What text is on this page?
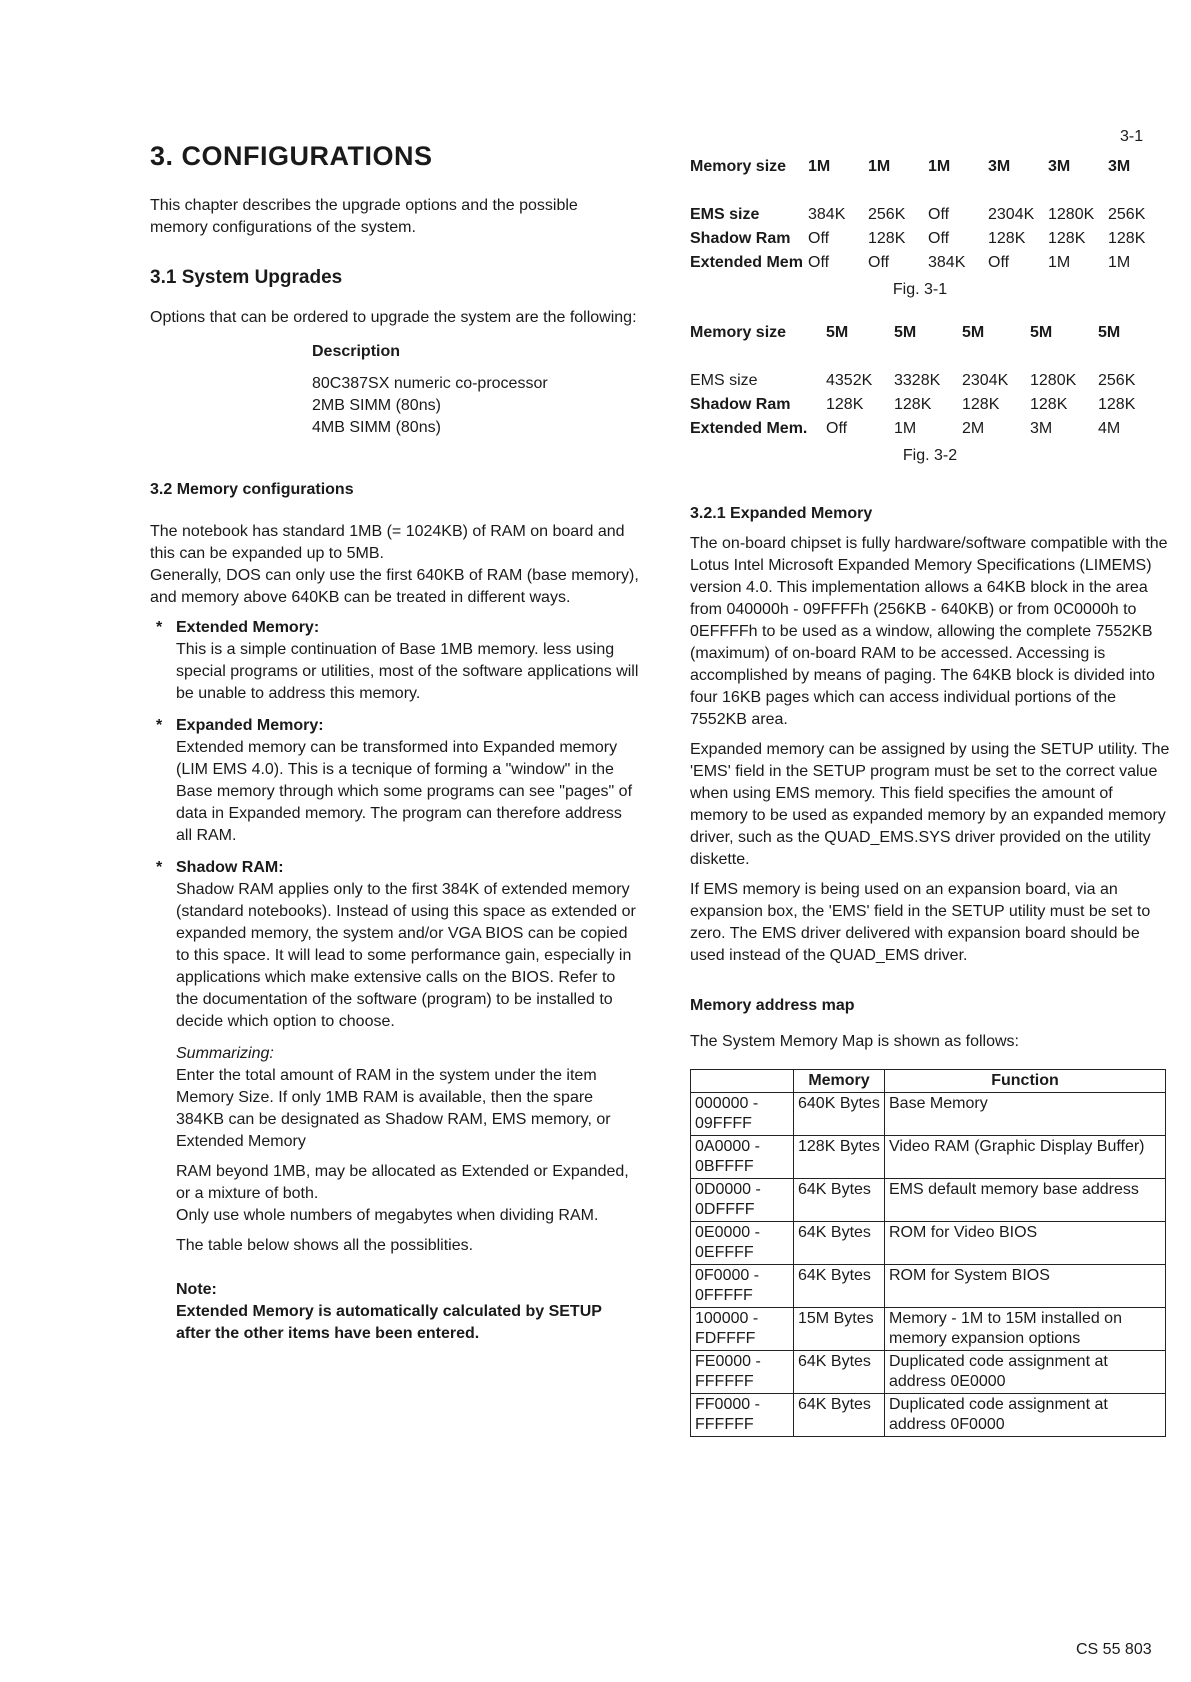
3-1
3. CONFIGURATIONS

This chapter describes the upgrade options and the possible memory configurations of the system.

3.1 System Upgrades

Options that can be ordered to upgrade the system are the following:

Description
80C387SX numeric co-processor
2MB SIMM (80ns)
4MB SIMM (80ns)
3.2 Memory configurations

The notebook has standard 1MB (= 1024KB) of RAM on board and this can be expanded up to 5MB.

Generally, DOS can only use the first 640KB of RAM (base memory), and memory above 640KB can be treated in different ways.

* Extended Memory:
This is a simple continuation of Base 1MB memory. less using special programs or utilities, most of the software applications will be unable to address this memory.
* Expanded Memory:
Extended memory can be transformed into Expanded memory (LIM EMS 4.0). This is a tecnique of forming a "window" in the Base memory through which some programs can see "pages" of data in Expanded memory. The program can therefore address all RAM.
* Shadow RAM:
Shadow RAM applies only to the first 384K of extended memory (standard notebooks). Instead of using this space as extended or expanded memory, the system and/or VGA BIOS can be copied to this space. It will lead to some performance gain, especially in applications which make extensive calls on the BIOS. Refer to the documentation of the software (program) to be installed to decide which option to choose.
Summarizing:

Enter the total amount of RAM in the system under the item Memory Size. If only 1MB RAM is available, then the spare 384KB can be designated as Shadow RAM, EMS memory, or Extended Memory

RAM beyond 1MB, may be allocated as Extended or Expanded, or a mixture of both.

Only use whole numbers of megabytes when dividing RAM.

The table below shows all the possiblities.

Note:
Extended Memory is automatically calculated by SETUP after the other items have been entered.
Memory size	1M	1M	1M	3M	3M	3M

EMS size	384K	256K	Off	2304K	1280K	256K
Shadow Ram	Off	128K	Off	128K	128K	128K
Extended Mem	Off	Off	384K	Off	1M	1M
Fig. 3-1
Memory size	5M	5M	5M	5M	5M

EMS size	4352K	3328K	2304K	1280K	256K
Shadow Ram	128K	128K	128K	128K	128K
Extended Mem.	Off	1M	2M	3M	4M
Fig. 3-2
3.2.1 Expanded Memory

The on-board chipset is fully hardware/software compatible with the Lotus Intel Microsoft Expanded Memory Specifications (LIMEMS) version 4.0. This implementation allows a 64KB block in the area from 040000h - 09FFFFh (256KB - 640KB) or from 0C0000h to 0EFFFFh to be used as a window, allowing the complete 7552KB (maximum) of on-board RAM to be accessed. Accessing is accomplished by means of paging. The 64KB block is divided into four 16KB pages which can access individual portions of the 7552KB area.

Expanded memory can be assigned by using the SETUP utility. The 'EMS' field in the SETUP program must be set to the correct value when using EMS memory. This field specifies the amount of memory to be used as expanded memory by an expanded memory driver, such as the QUAD_EMS.SYS driver provided on the utility diskette.

If EMS memory is being used on an expansion board, via an expansion box, the 'EMS' field in the SETUP utility must be set to zero. The EMS driver delivered with expansion board should be used instead of the QUAD_EMS driver.

Memory address map

The System Memory Map is shown as follows:

	Memory	Function
000000 - 09FFFF	640K Bytes	Base Memory
0A0000 - 0BFFFF	128K Bytes	Video RAM (Graphic Display Buffer)
0D0000 - 0DFFFF	64K Bytes	EMS default memory base address
0E0000 - 0EFFFF	64K Bytes	ROM for Video BIOS
0F0000 - 0FFFFF	64K Bytes	ROM for System BIOS
100000 - FDFFFF	15M Bytes	Memory - 1M to 15M installed on memory expansion options
FE0000 - FFFFFF	64K Bytes	Duplicated code assignment at address 0E0000
FF0000 - FFFFFF	64K Bytes	Duplicated code assignment at address 0F0000
CS 55 803
